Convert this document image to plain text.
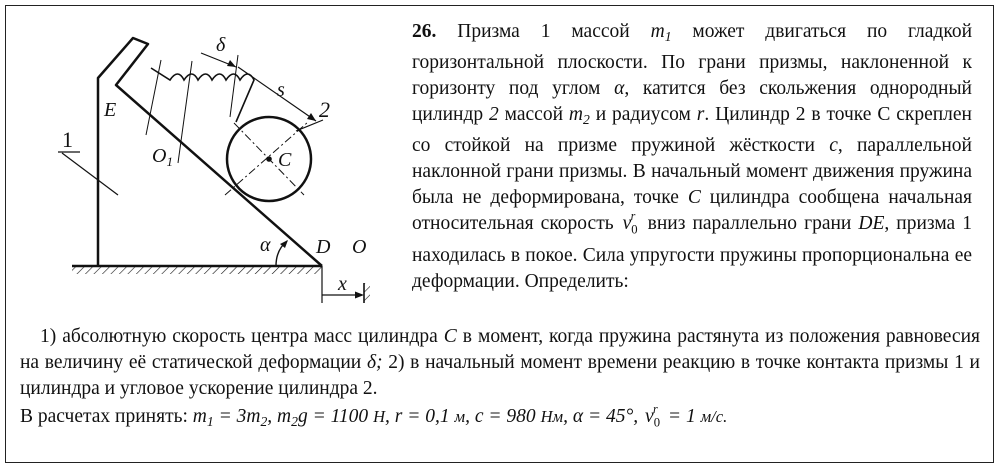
δ
s
E
1
$O_1$
2
C
α D O
x

26. Призма 1 массой $m_1$ может двигаться по гладкой горизонтальной плоскости. По грани призмы, наклоненной к горизонту под углом α, катится без скольжения однородный цилиндр 2 массой $m_2$ и радиусом r. Цилиндр 2 в точке С скреплен со стойкой на призме пружиной жёсткости с, параллельной наклонной грани призмы. В начальный момент движения пружина была не деформирована, точке C цилиндра сообщена начальная относительная скорость v r
$_0$ вниз параллельно грани DE, призма 1 находилась в покое. Сила упругости пружины пропорциональна ее деформации. Определить:

1) абсолютную скорость центра масс цилиндра C в момент, когда пружина растянута из положения равновесия на величину её статической деформации δ; 2) в начальный момент времени реакцию в точке контакта призмы 1 и цилиндра и угловое ускорение цилиндра 2.

В расчетах принять: $m_1 = 3m_2$, $m_2g = 1100$ Н, r = 0,1 м, c = 980 Нм, α = 45°, v r
$_0$ = 1 м/с.
